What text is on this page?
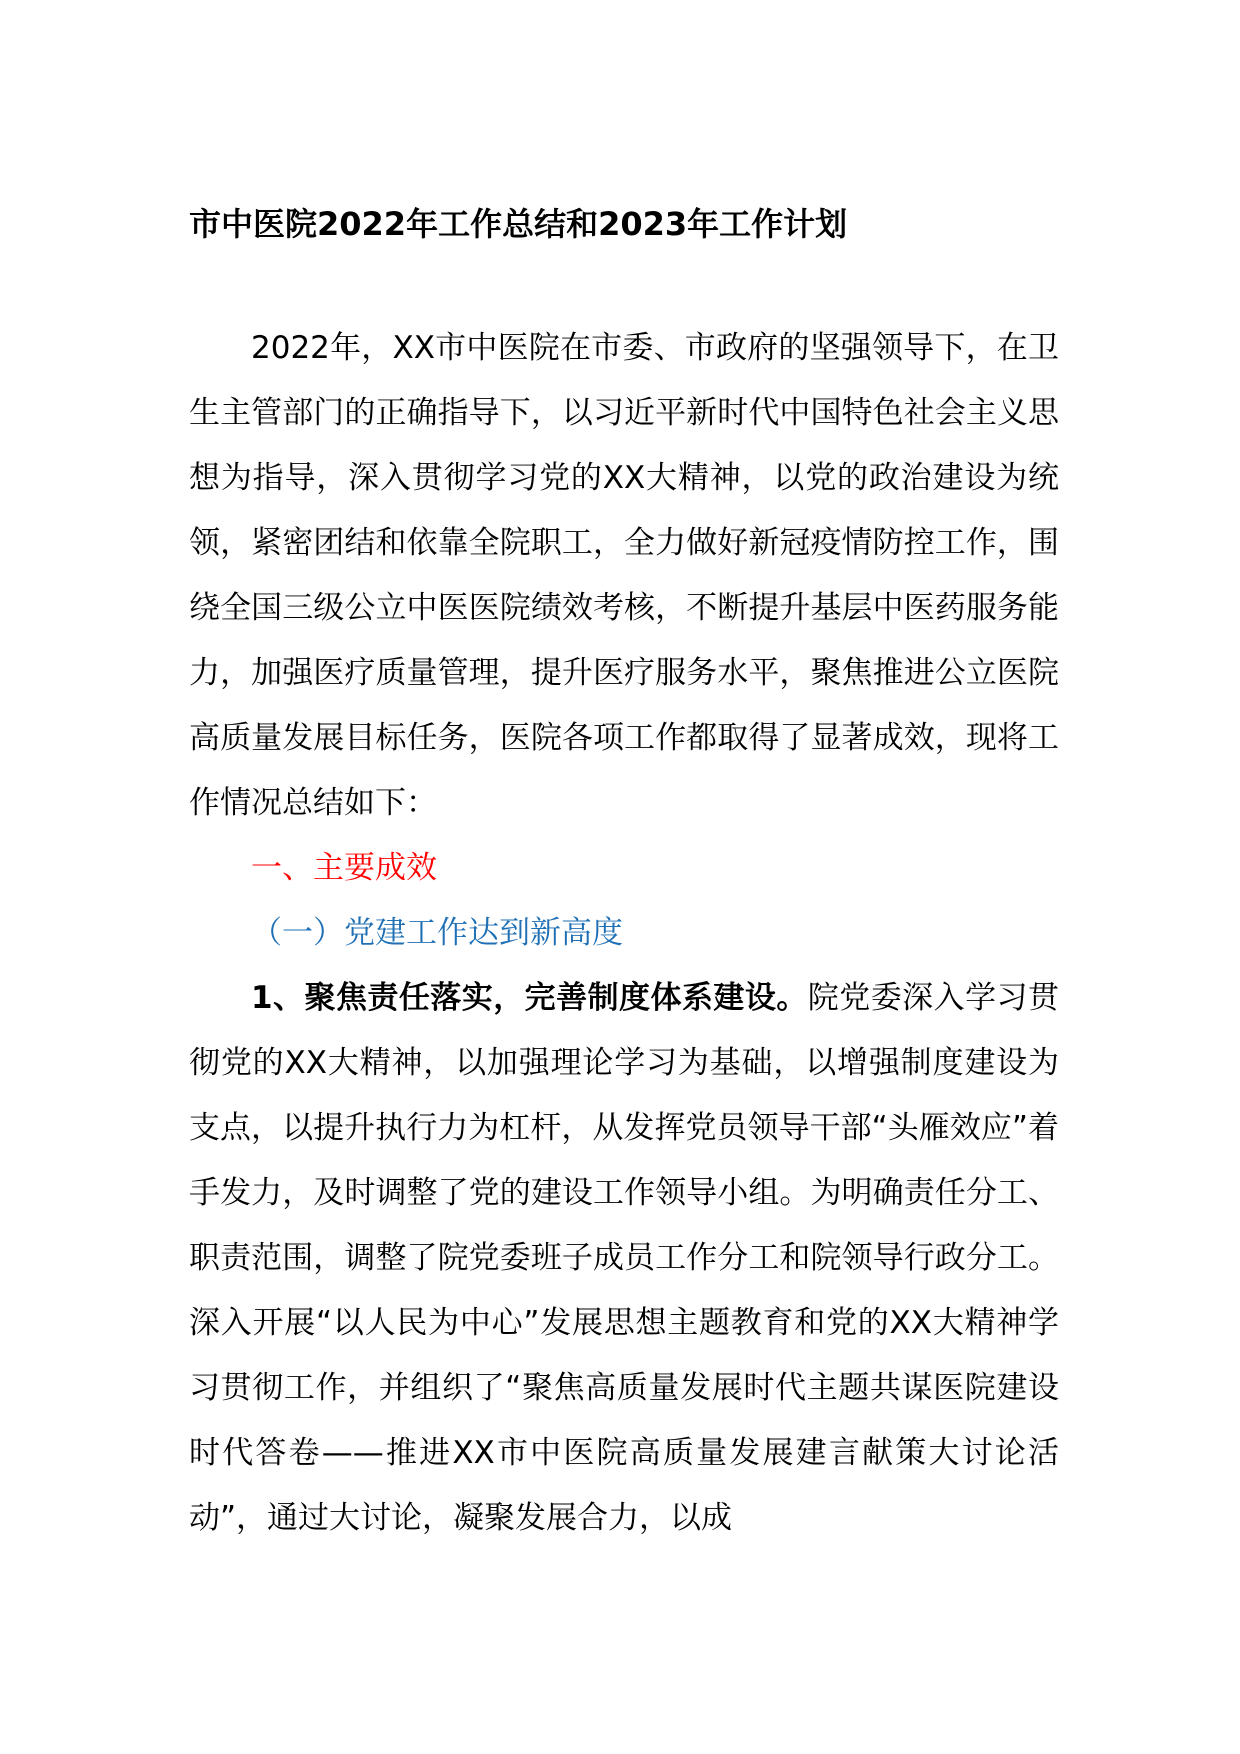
市中医院2022年工作总结和2023年工作计划

2022年，XX市中医院在市委、市政府的坚强领导下，在卫生主管部门的正确指导下，以习近平新时代中国特色社会主义思想为指导，深入贯彻学习党的XX大精神，以党的政治建设为统领，紧密团结和依靠全院职工，全力做好新冠疫情防控工作，围绕全国三级公立中医医院绩效考核，不断提升基层中医药服务能力，加强医疗质量管理，提升医疗服务水平，聚焦推进公立医院高质量发展目标任务，医院各项工作都取得了显著成效，现将工作情况总结如下：

一、主要成效

（一）党建工作达到新高度

1、聚焦责任落实，完善制度体系建设。院党委深入学习贯彻党的XX大精神，以加强理论学习为基础，以增强制度建设为支点，以提升执行力为杠杆，从发挥党员领导干部“头雁效应”着手发力，及时调整了党的建设工作领导小组。为明确责任分工、职责范围，调整了院党委班子成员工作分工和院领导行政分工。深入开展“以人民为中心”发展思想主题教育和党的XX大精神学习贯彻工作，并组织了“聚焦高质量发展时代主题共谋医院建设时代答卷——推进XX市中医院高质量发展建言献策大讨论活动”，通过大讨论，凝聚发展合力，以成
